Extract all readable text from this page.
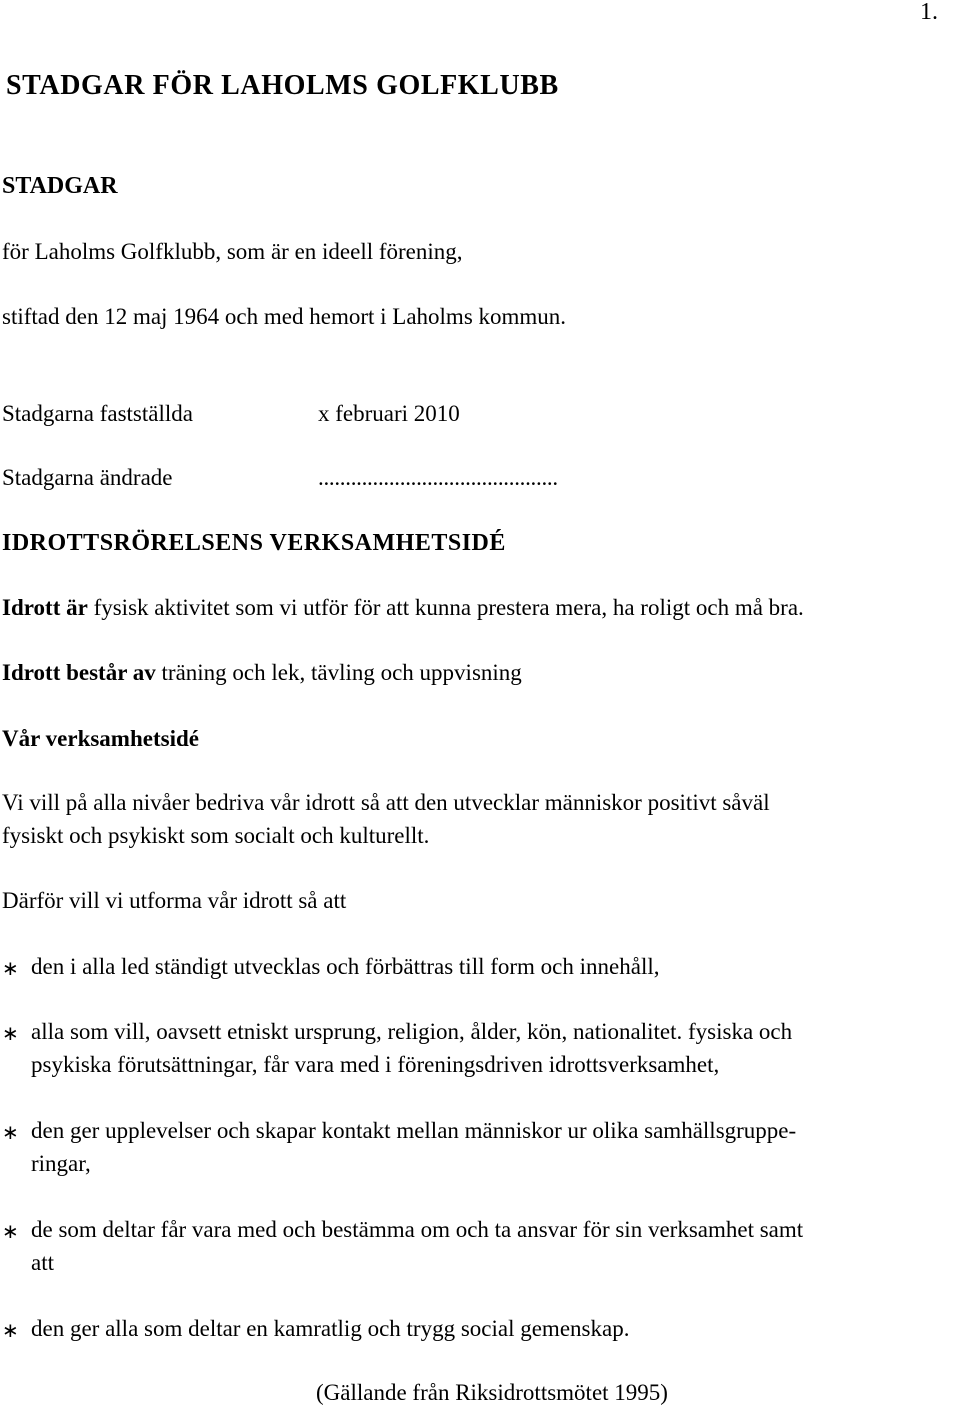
1.
STADGAR FÖR LAHOLMS GOLFKLUBB
STADGAR

för Laholms Golfklubb, som är en ideell förening,

stiftad den 12 maj 1964 och med hemort i Laholms kommun.

Stadgarna fastställda	x februari 2010
Stadgarna ändrade	............................................
IDROTTSRÖRELSENS VERKSAMHETSIDÉ

Idrott är fysisk aktivitet som vi utför för att kunna prestera mera, ha roligt och må bra.

Idrott består av träning och lek, tävling och uppvisning

Vår verksamhetsidé

Vi vill på alla nivåer bedriva vår idrott så att den utvecklar människor positivt såväl

fysiskt och psykiskt som socialt och kulturellt.

Därför vill vi utforma vår idrott så att

∗ den i alla led ständigt utvecklas och förbättras till form och innehåll,

∗ alla som vill, oavsett etniskt ursprung, religion, ålder, kön, nationalitet. fysiska och

psykiska förutsättningar, får vara med i föreningsdriven idrottsverksamhet,

∗ den ger upplevelser och skapar kontakt mellan människor ur olika samhällsgruppe-

ringar,

∗ de som deltar får vara med och bestämma om och ta ansvar för sin verksamhet samt

att

∗ den ger alla som deltar en kamratlig och trygg social gemenskap.

(Gällande från Riksidrottsmötet 1995)
